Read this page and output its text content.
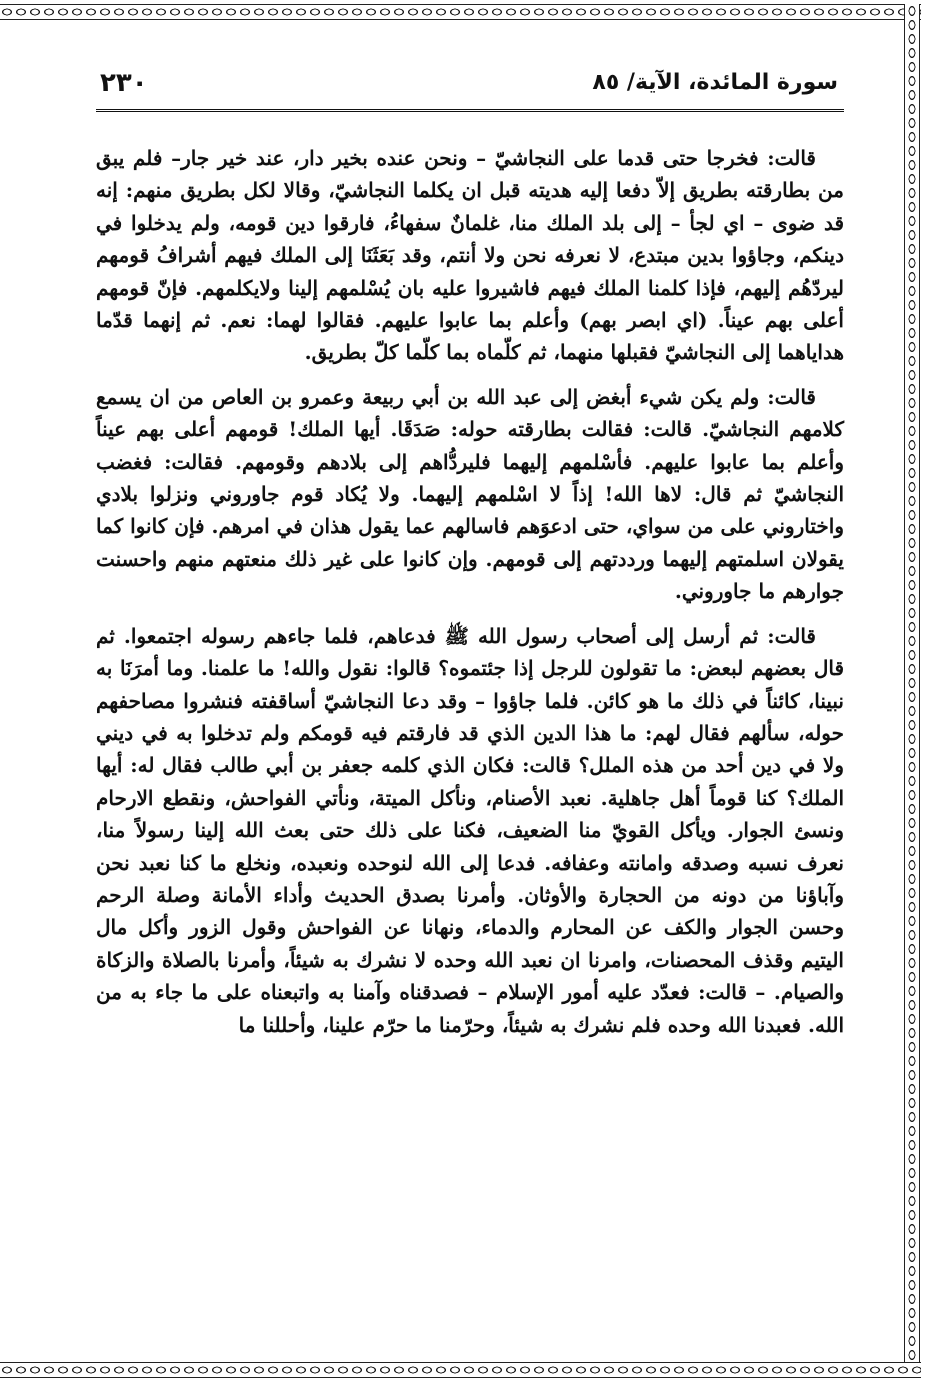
سورة المائدة، الآية/ ٨٥
٢٣٠

قالت: فخرجا حتى قدما على النجاشيّ – ونحن عنده بخير دار، عند خير جار– فلم يبق من بطارقته بطريق إلاّ دفعا إليه هديته قبل ان يكلما النجاشيّ، وقالا لكل بطريق منهم: إنه قد ضوى – اي لجأ – إلى بلد الملك منا، غلمانٌ سفهاءُ، فارقوا دين قومه، ولم يدخلوا في دينكم، وجاؤوا بدين مبتدع، لا نعرفه نحن ولا أنتم، وقد بَعَثَنَا إلى الملك فيهم أشرافُ قومهم ليردّهُم إليهم، فإذا كلمنا الملك فيهم فاشيروا عليه بان يُسْلمهم إلينا ولايكلمهم. فإنّ قومهم أعلى بهم عيناً. (اي ابصر بهم) وأعلم بما عابوا عليهم. فقالوا لهما: نعم. ثم إنهما قدّما هداياهما إلى النجاشيّ فقبلها منهما، ثم كلّماه بما كلّما كلّ بطريق.

قالت: ولم يكن شيء أبغض إلى عبد الله بن أبي ربيعة وعمرو بن العاص من ان يسمع كلامهم النجاشيّ. قالت: فقالت بطارقته حوله: صَدَقَا. أيها الملك! قومهم أعلى بهم عيناً وأعلم بما عابوا عليهم. فأسْلمهم إليهما فليردُّاهم إلى بلادهم وقومهم. فقالت: فغضب النجاشيّ ثم قال: لاها الله! إذاً لا اسْلمهم إليهما. ولا يُكاد قوم جاوروني ونزلوا بلادي واختاروني على من سواي، حتى ادعوَهم فاسالهم عما يقول هذان في امرهم. فإن كانوا كما يقولان اسلمتهم إليهما ورددتهم إلى قومهم. وإن كانوا على غير ذلك منعتهم منهم واحسنت جوارهم ما جاوروني.

قالت: ثم أرسل إلى أصحاب رسول الله ﷺ فدعاهم، فلما جاءهم رسوله اجتمعوا. ثم قال بعضهم لبعض: ما تقولون للرجل إذا جئتموه؟ قالوا: نقول والله! ما علمنا. وما أمرَنَا به نبينا، كائناً في ذلك ما هو كائن. فلما جاؤوا – وقد دعا النجاشيّ أساقفته فنشروا مصاحفهم حوله، سألهم فقال لهم: ما هذا الدين الذي قد فارقتم فيه قومكم ولم تدخلوا به في ديني ولا في دين أحد من هذه الملل؟ قالت: فكان الذي كلمه جعفر بن أبي طالب فقال له: أيها الملك؟ كنا قوماً أهل جاهلية. نعبد الأصنام، ونأكل الميتة، ونأتي الفواحش، ونقطع الارحام ونسئ الجوار. ويأكل القويّ منا الضعيف، فكنا على ذلك حتى بعث الله إلينا رسولاً منا، نعرف نسبه وصدقه وامانته وعفافه. فدعا إلى الله لنوحده ونعبده، ونخلع ما كنا نعبد نحن وآباؤنا من دونه من الحجارة والأوثان. وأمرنا بصدق الحديث وأداء الأمانة وصلة الرحم وحسن الجوار والكف عن المحارم والدماء، ونهانا عن الفواحش وقول الزور وأكل مال اليتيم وقذف المحصنات، وامرنا ان نعبد الله وحده لا نشرك به شيئاً، وأمرنا بالصلاة والزكاة والصيام. – قالت: فعدّد عليه أمور الإسلام – فصدقناه وآمنا به واتبعناه على ما جاء به من الله. فعبدنا الله وحده فلم نشرك به شيئاً، وحرّمنا ما حرّم علينا، وأحللنا ما
